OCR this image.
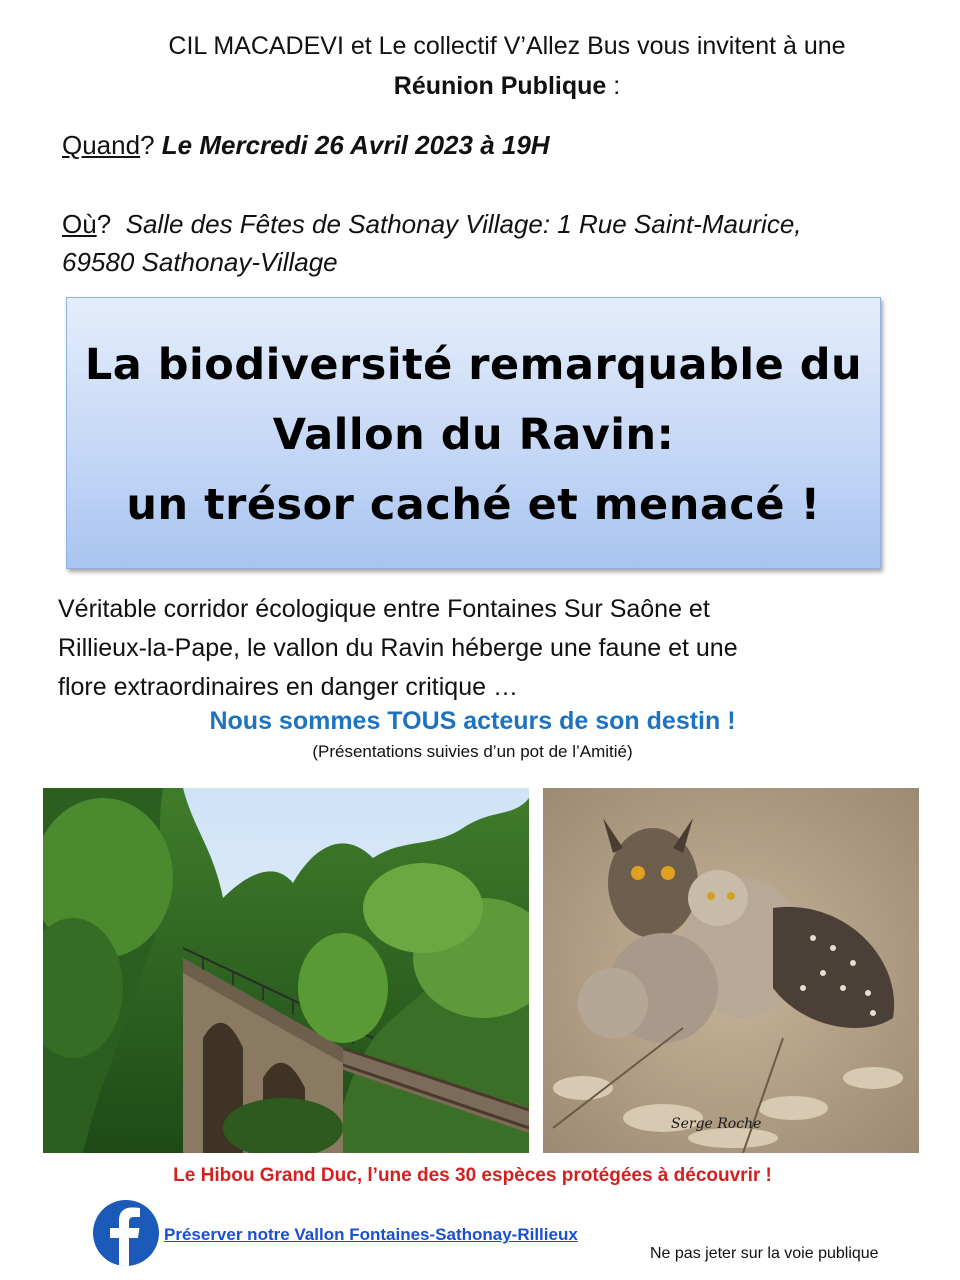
CIL MACADEVI et Le collectif V’Allez Bus vous invitent à une
Réunion Publique :
Quand? Le Mercredi 26 Avril 2023 à 19H
Où?  Salle des Fêtes de Sathonay Village: 1 Rue Saint-Maurice,
69580 Sathonay-Village
La biodiversité remarquable du
Vallon du Ravin:
un trésor caché et menacé !
Véritable corridor écologique entre Fontaines Sur Saône et
Rillieux-la-Pape, le vallon du Ravin héberge une faune et une
flore extraordinaires en danger critique …
Nous sommes TOUS acteurs de son destin !
(Présentations suivies d’un pot de l’Amitié)
Serge Roche
Le Hibou Grand Duc, l’une des 30 espèces protégées à découvrir !
Préserver notre Vallon Fontaines-Sathonay-Rillieux
Ne pas jeter sur la voie publique
